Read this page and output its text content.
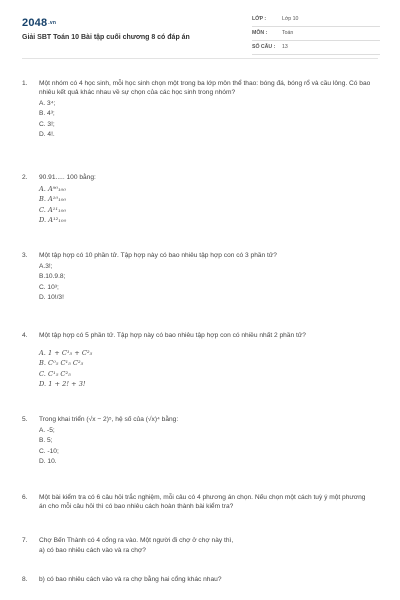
2048.vn
Giải SBT Toán 10 Bài tập cuối chương 8 có đáp án
LỚP :	Lớp 10
MÔN :	Toán
SỐ CÂU :	13
1.	Một nhóm có 4 học sinh, mỗi học sinh chọn một trong ba lớp môn thể thao: bóng đá, bóng rổ và cầu lông. Có bao nhiêu kết quả khác nhau về sự chọn của các học sinh trong nhóm?

A. 3⁴;
B. 4³;
C. 3!;
D. 4!.
2.	90.91..... 100 bằng:

A. A⁹⁰₁₀₀
B. A¹⁰₁₀₀
C. A¹¹₁₀₀
D. A¹²₁₀₀
3.	Một tập hợp có 10 phần tử. Tập hợp này có bao nhiêu tập hợp con có 3 phần tử?

A.3!;
B.10.9.8;
C. 10³;
D. 10!/3!
4.	Một tập hợp có 5 phần tử. Tập hợp này có bao nhiêu tập hợp con có nhiều nhất 2 phần tử?

A. 1 + C¹₅ + C²₅
B. C⁰₅ C¹₅ C²₅
C. C¹₅ C²₅
D. 1 + 2! + 3!
5.	Trong khai triển (√x − 2)⁵, hệ số của (√x)⁴ bằng:

A. -5;
B. 5;
C. -10;
D. 10.
6.	Một bài kiểm tra có 6 câu hỏi trắc nghiệm, mỗi câu có 4 phương án chọn. Nếu chọn một cách tuỳ ý một phương án cho mỗi câu hỏi thì có bao nhiêu cách hoàn thành bài kiểm tra?

7.	Chợ Bến Thành có 4 cổng ra vào. Một người đi chợ ở chợ này thì,

a) có bao nhiêu cách vào và ra chợ?
8.	b) có bao nhiêu cách vào và ra chợ bằng hai cổng khác nhau?
